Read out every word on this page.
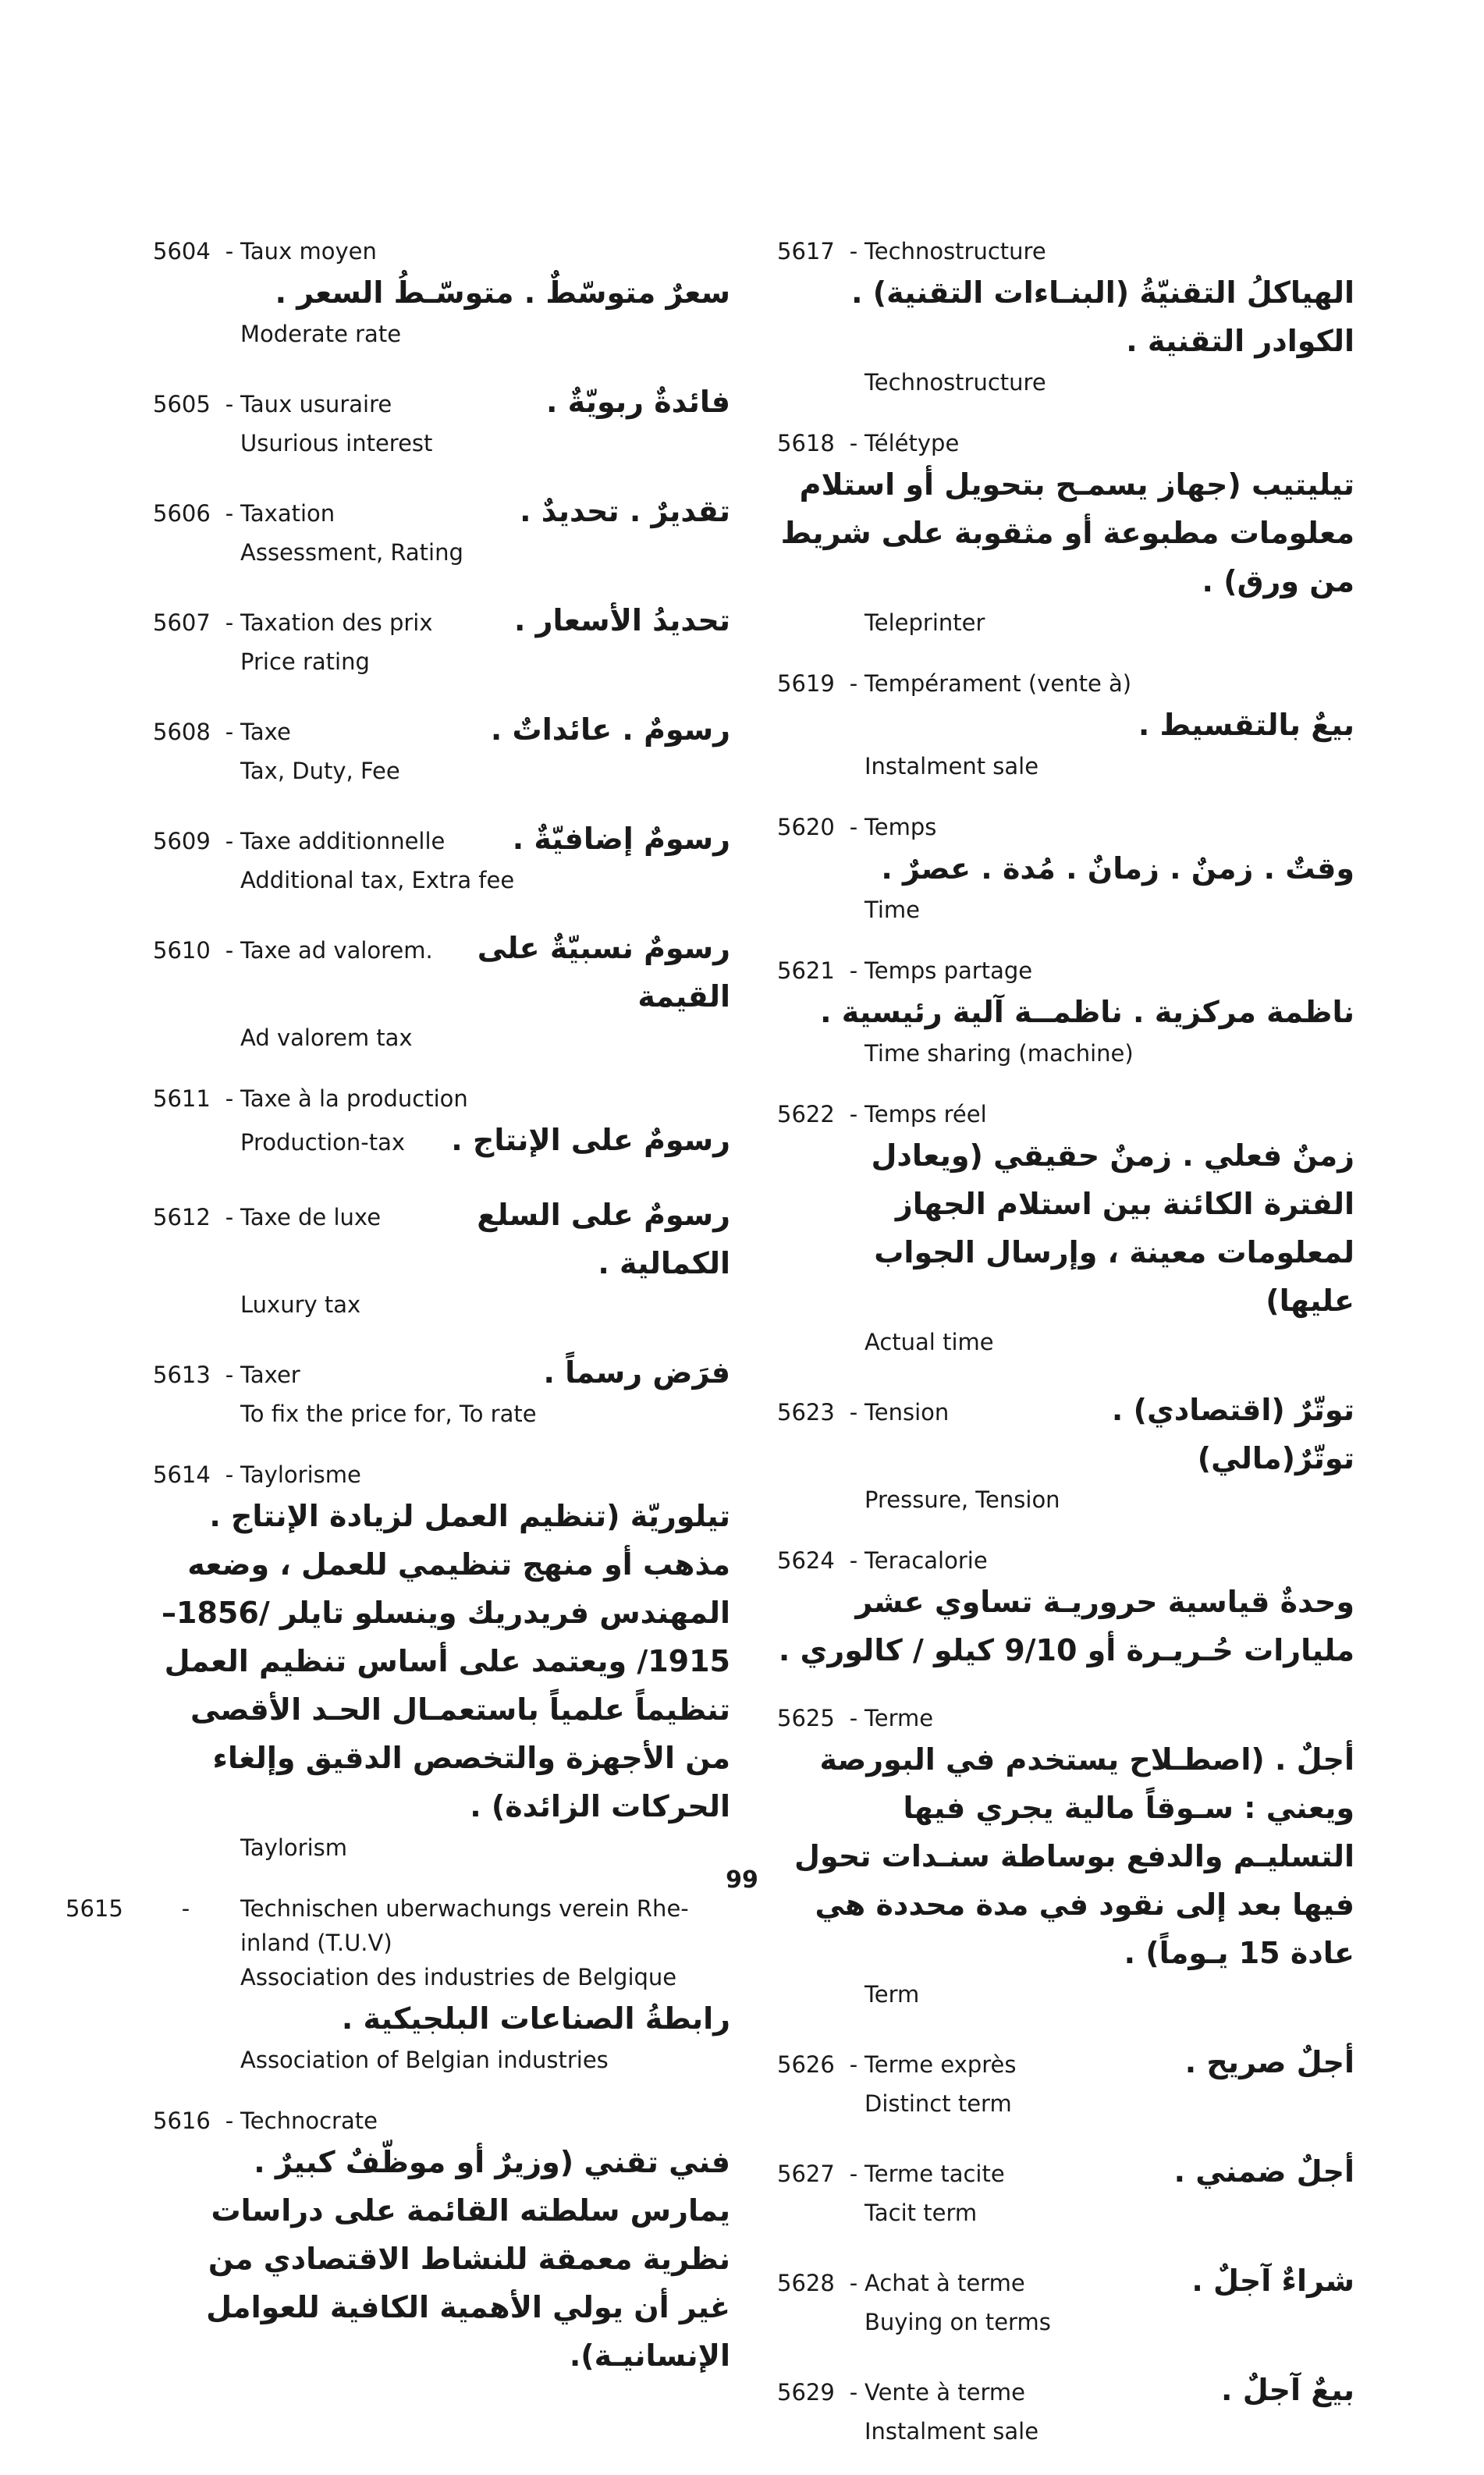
5604 - Taux moyen
سعرٌ متوسّطٌ . متوسّـطُ السعر .
Moderate rate
5605 - Taux usuraire	فائدةٌ ربويّةٌ .
Usurious interest
5606 - Taxation	تقديرٌ . تحديدٌ .
Assessment, Rating
5607 - Taxation des prix	تحديدُ الأسعار .
Price rating
5608 - Taxe	رسومٌ . عائداتٌ .
Tax, Duty, Fee
5609 - Taxe additionnelle رسومٌ إضافيّةٌ .
Additional tax, Extra fee
5610 - Taxe ad valorem.	رسومٌ نسبيّةٌ على القيمة
Ad valorem tax
5611 - Taxe à la production
Production-tax رسومٌ على الإنتاج .
5612 - Taxe de luxe	رسومٌ على السلع الكمالية .
Luxury tax
5613 - Taxer	فرَض رسماً .
To fix the price for, To rate
5614 - Taylorisme
تيلوريّة (تنظيم العمل لزيادة الإنتاج . مذهب أو منهج تنظيمي للعمل ، وضعه المهندس فريدريك وينسلو تايلر /1856–1915/ ويعتمد على أساس تنظيم العمل تنظيماً علمياً باستعمـال الحـد الأقصى من الأجهزة والتخصص الدقيق وإلغاء الحركات الزائدة) .
Taylorism
5615	- Technischen uberwachungs verein Rhe-inland (T.U.V)
Association des industries de Belgique
رابطةُ الصناعات البلجيكية .
Association of Belgian industries
5616 - Technocrate
فني تقني (وزيرٌ أو موظّفٌ كبيرٌ . يمارس سلطته القائمة على دراسات نظرية معمقة للنشاط الاقتصادي من غير أن يولي الأهمية الكافية للعوامل الإنسانيـة).
5617 - Technostructure
الهياكلُ التقنيّةُ (البنـاءات التقنية) . الكوادر التقنية .
Technostructure
5618 - Télétype
تيليتيب (جهاز يسمـح بتحويل أو استلام معلومات مطبوعة أو مثقوبة على شريط من ورق) .
Teleprinter
5619 - Tempérament (vente à)
بيعٌ بالتقسيط .
Instalment sale
5620 - Temps
وقتٌ . زمنٌ . زمانٌ . مُدة . عصرٌ .
Time
5621 - Temps partage
ناظمة مركزية . ناظمــة آلية رئيسية .
Time sharing (machine)
5622 - Temps réel
زمنٌ فعلي . زمنٌ حقيقي (ويعادل الفترة الكائنة بين استلام الجهاز لمعلومات معينة ، وإرسال الجواب عليها)
Actual time
5623 - Tension	توتّرٌ (اقتصادي) . توتّرٌ(مالي)
Pressure, Tension
5624 - Teracalorie
وحدةٌ قياسية حروريـة تساوي عشر مليارات حُـريـرة أو 9/10 كيلو / كالوري .
5625 - Terme
أجلٌ . (اصطـلاح يستخدم في البورصة ويعني : سـوقاً مالية يجري فيها التسليـم والدفع بوساطة سنـدات تحول فيها بعد إلى نقود في مدة محددة هي عادة 15 يـوماً) .
Term
5626 - Terme exprès	أجلٌ صريح .
Distinct term
5627 - Terme tacite	أجلٌ ضمني .
Tacit term
5628 - Achat à terme	شراءٌ آجلٌ .
Buying on terms
5629 - Vente à terme	بيعٌ آجلٌ .
Instalment sale
99
